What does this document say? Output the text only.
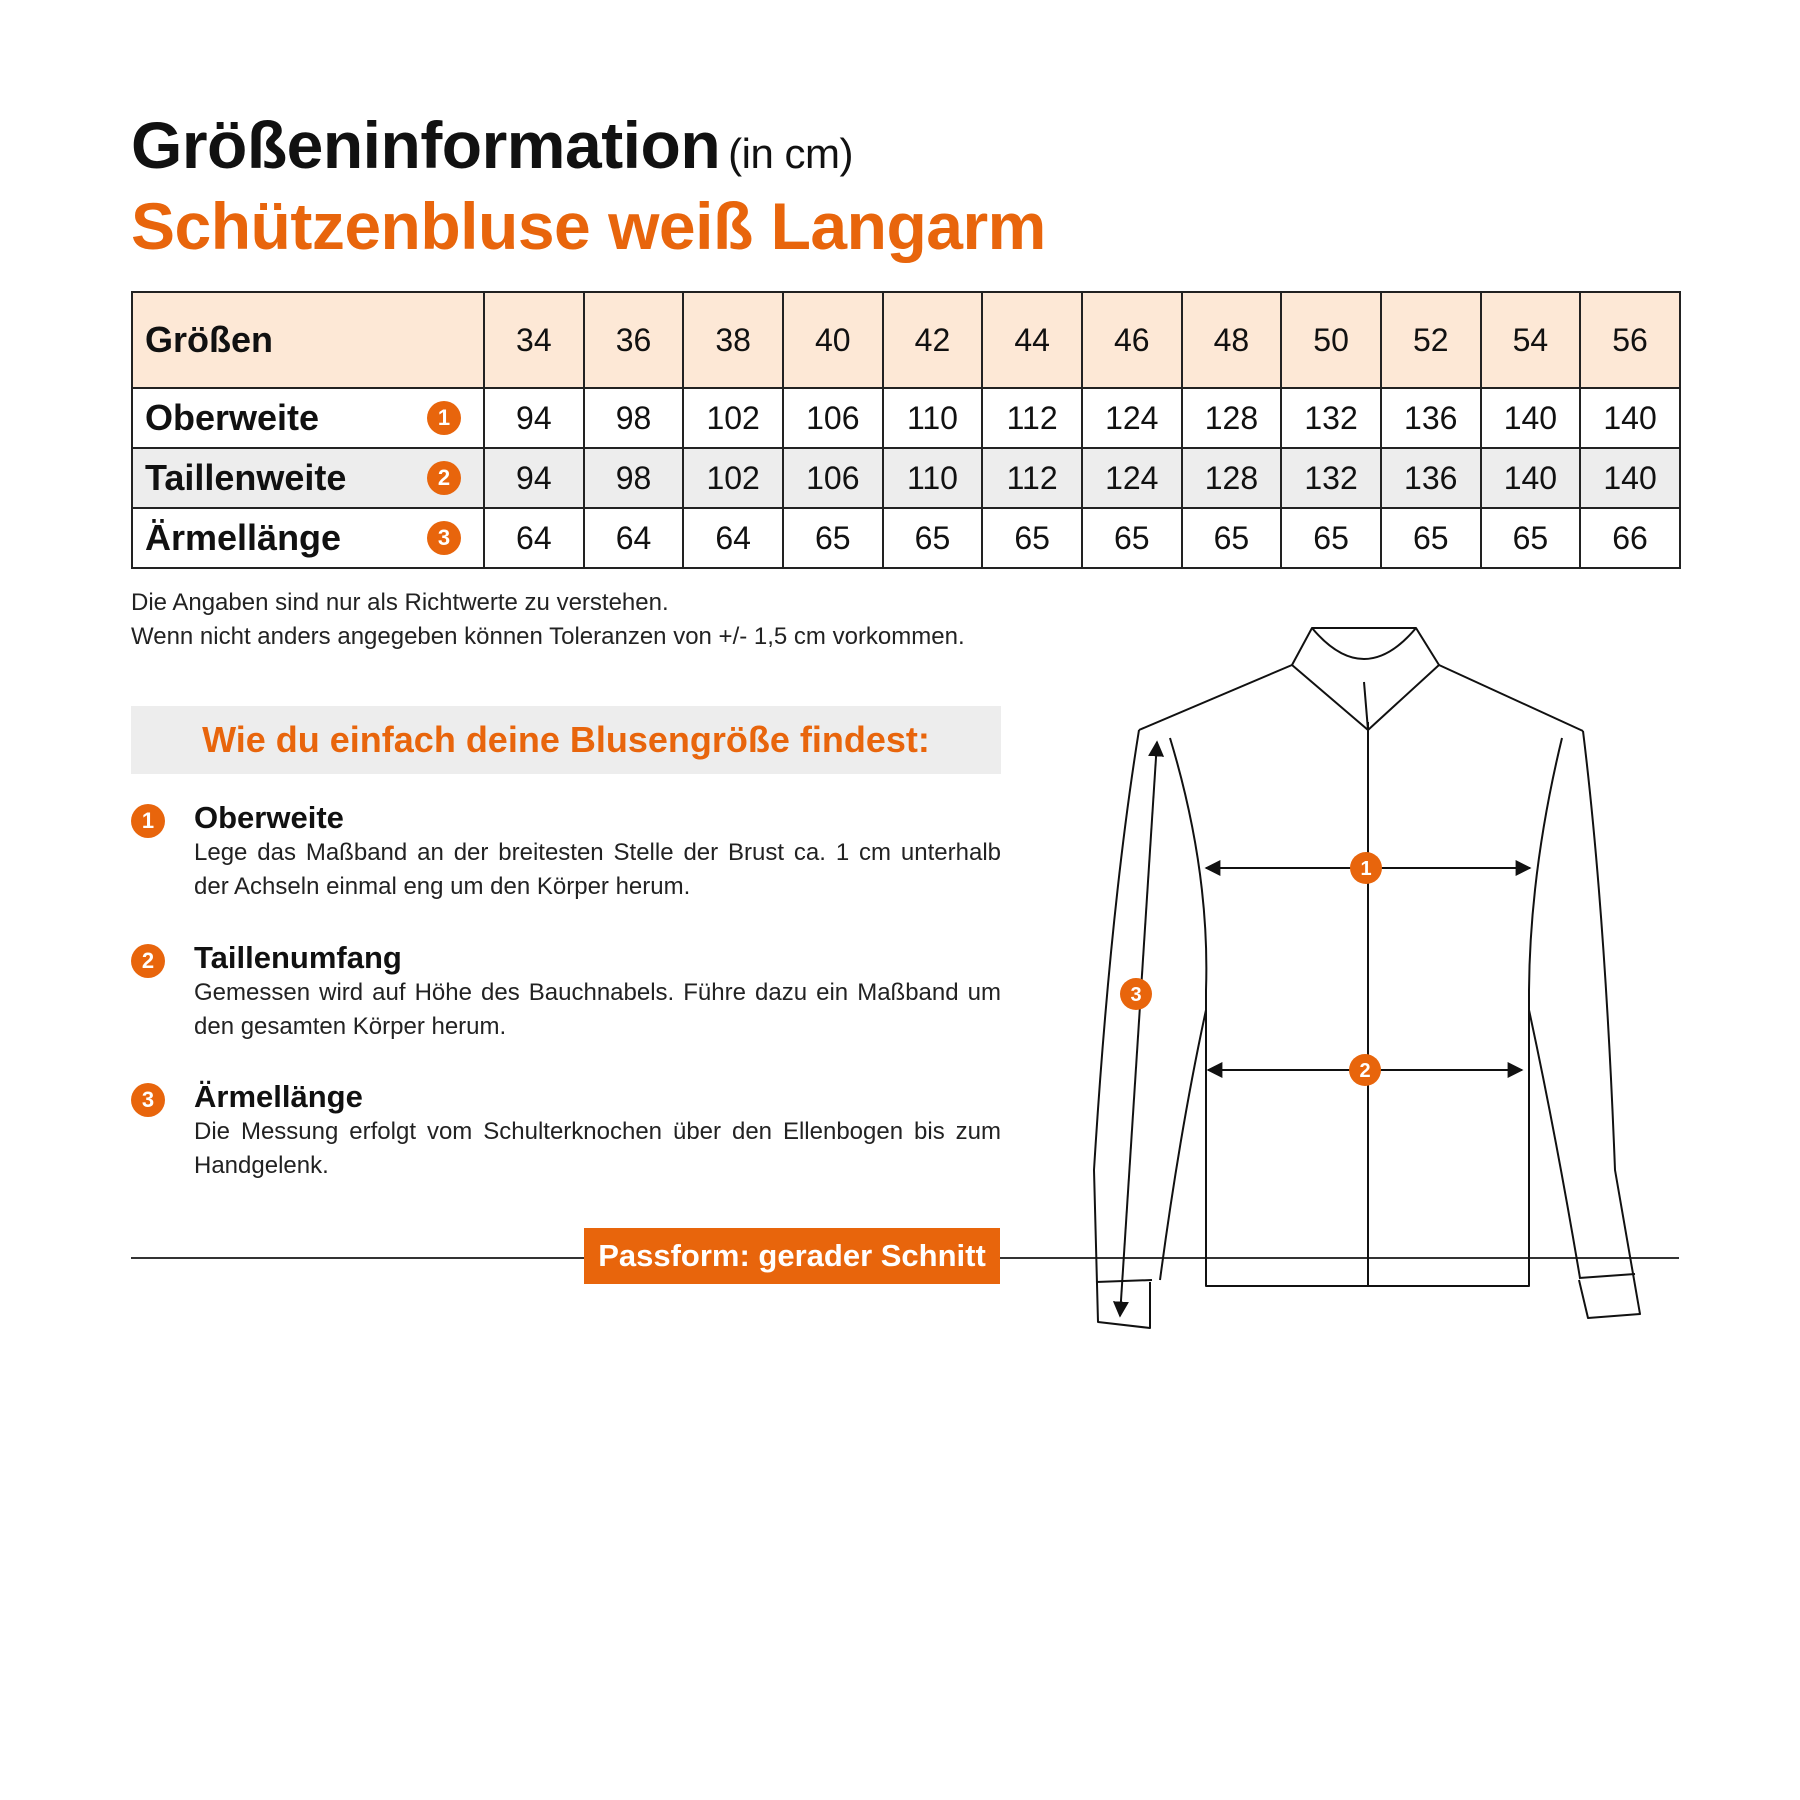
Größeninformation (in cm)
Schützenbluse weiß Langarm
Größen	34	36	38	40	42	44	46	48	50	52	54	56
Oberweite 1	94	98	102	106	110	112	124	128	132	136	140	140
Taillenweite 2	94	98	102	106	110	112	124	128	132	136	140	140
Ärmellänge 3	64	64	64	65	65	65	65	65	65	65	65	66
Die Angaben sind nur als Richtwerte zu verstehen.
Wenn nicht anders angegeben können Toleranzen von +/- 1,5 cm vorkommen.
Wie du einfach deine Blusengröße findest:
1	Oberweite
Lege das Maßband an der breitesten Stelle der Brust ca. 1 cm unterhalb der Achseln einmal eng um den Körper herum.
2	Taillenumfang
Gemessen wird auf Höhe des Bauchnabels. Führe dazu ein Maßband um den gesamten Körper herum.
3	Ärmellänge
Die Messung erfolgt vom Schulterknochen über den Ellenbogen bis zum Handgelenk.
Passform: gerader Schnitt
1
2
3
